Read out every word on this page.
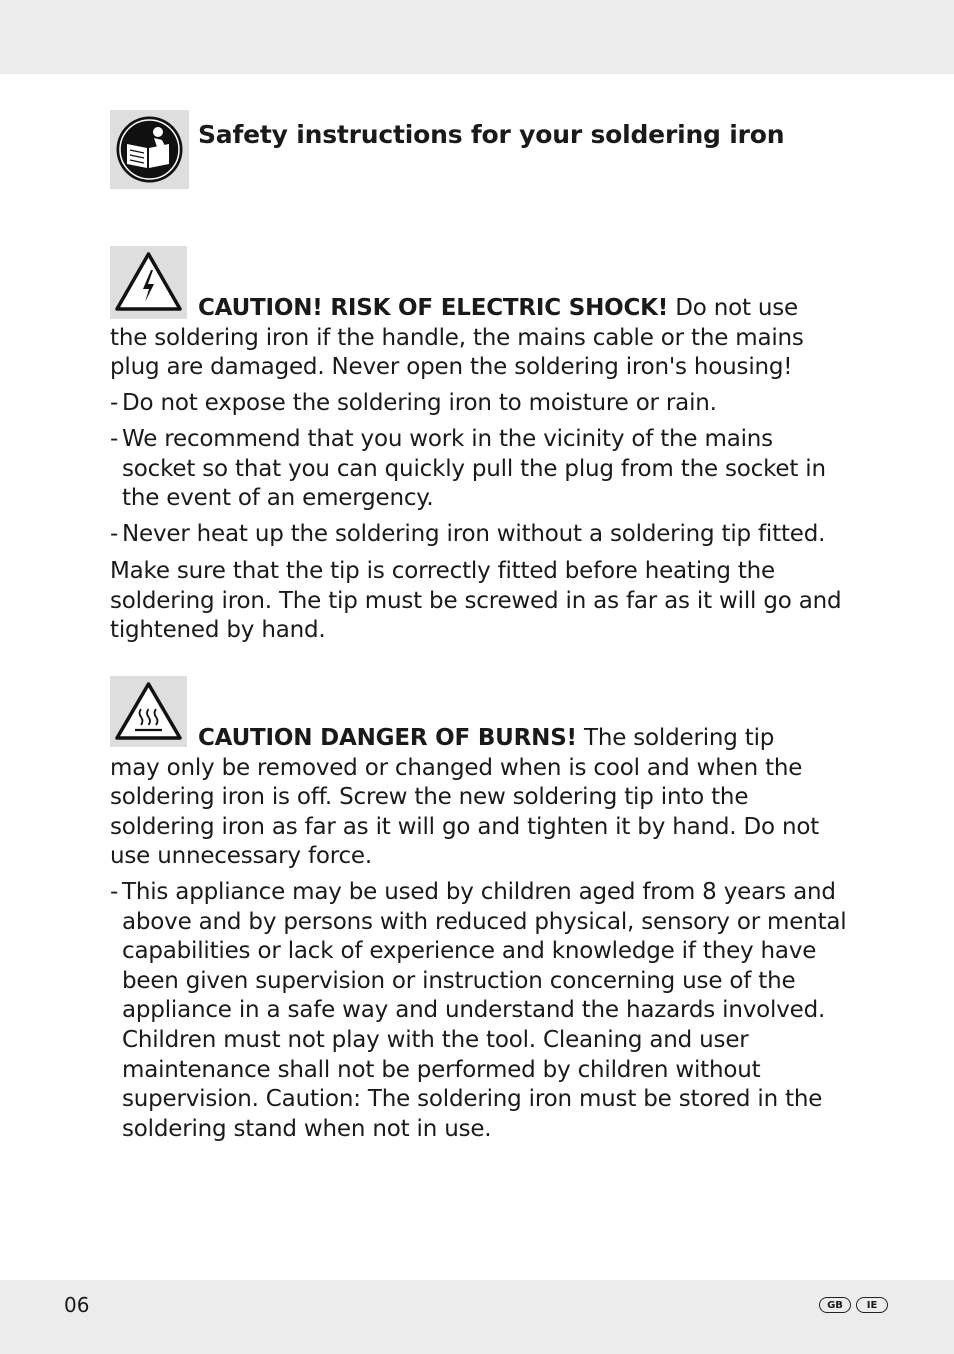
Safety instructions for your soldering iron
CAUTION! RISK OF ELECTRIC SHOCK! Do not use
the soldering iron if the handle, the mains cable or the mains plug are damaged. Never open the soldering iron's housing!
- Do not expose the soldering iron to moisture or rain.
- We recommend that you work in the vicinity of the mains socket so that you can quickly pull the plug from the socket in the event of an emergency.
- Never heat up the soldering iron without a soldering tip fitted.
Make sure that the tip is correctly fitted before heating the soldering iron. The tip must be screwed in as far as it will go and tightened by hand.
CAUTION DANGER OF BURNS! The soldering tip
may only be removed or changed when is cool and when the soldering iron is off. Screw the new soldering tip into the soldering iron as far as it will go and tighten it by hand. Do not use unnecessary force.
- This appliance may be used by children aged from 8 years and above and by persons with reduced physical, sensory or mental capabilities or lack of experience and knowledge if they have been given supervision or instruction concerning use of the appliance in a safe way and understand the hazards involved. Children must not play with the tool. Cleaning and user maintenance shall not be performed by children without supervision. Caution: The soldering iron must be stored in the soldering stand when not in use.
06	GB	IE
